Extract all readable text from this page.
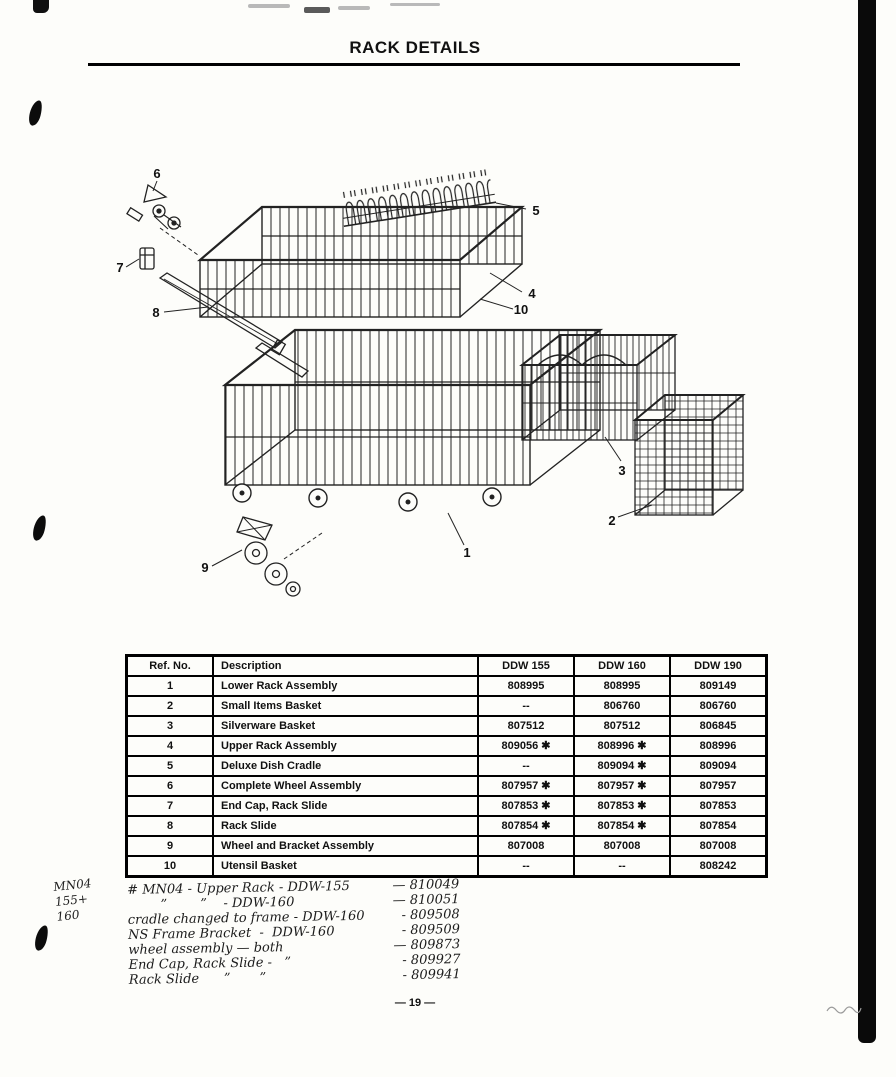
RACK DETAILS
1
2
3
4
5
6
7
8
9
10
Ref. No.	Description	DDW 155	DDW 160	DDW 190
1	Lower Rack Assembly	808995	808995	809149
2	Small Items Basket	--	806760	806760
3	Silverware Basket	807512	807512	806845
4	Upper Rack Assembly	809056 ✱	808996 ✱	808996
5	Deluxe Dish Cradle	--	809094 ✱	809094
6	Complete Wheel Assembly	807957 ✱	807957 ✱	807957
7	End Cap, Rack Slide	807853 ✱	807853 ✱	807853
8	Rack Slide	807854 ✱	807854 ✱	807854
9	Wheel and Bracket Assembly	807008	807008	807008
10	Utensil Basket	--	--	808242
MN04
155+
160
# MN04 - Upper Rack - DDW-155	— 810049
”        ”    - DDW-160	— 810051
cradle changed to frame - DDW-160	- 809508
NS Frame Bracket  -  DDW-160	- 809509
wheel assembly — both	— 809873
End Cap, Rack Slide -   ”	- 809927
Rack Slide      ”       ”	- 809941
— 19 —
